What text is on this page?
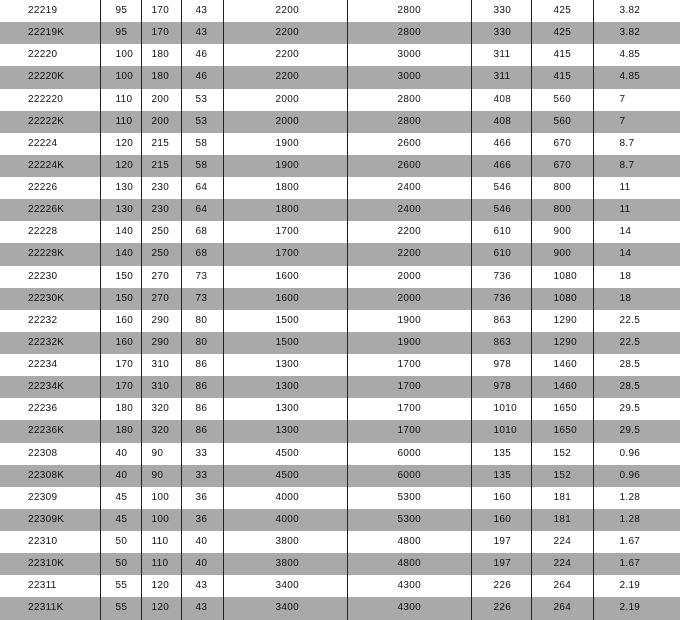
22219	95	170	43	2200	2800	330	425	3.82
22219K	95	170	43	2200	2800	330	425	3.82
22220	100	180	46	2200	3000	311	415	4.85
22220K	100	180	46	2200	3000	311	415	4.85
222220	110	200	53	2000	2800	408	560	7
22222K	110	200	53	2000	2800	408	560	7
22224	120	215	58	1900	2600	466	670	8.7
22224K	120	215	58	1900	2600	466	670	8.7
22226	130	230	64	1800	2400	546	800	11
22226K	130	230	64	1800	2400	546	800	11
22228	140	250	68	1700	2200	610	900	14
22228K	140	250	68	1700	2200	610	900	14
22230	150	270	73	1600	2000	736	1080	18
22230K	150	270	73	1600	2000	736	1080	18
22232	160	290	80	1500	1900	863	1290	22.5
22232K	160	290	80	1500	1900	863	1290	22.5
22234	170	310	86	1300	1700	978	1460	28.5
22234K	170	310	86	1300	1700	978	1460	28.5
22236	180	320	86	1300	1700	1010	1650	29.5
22236K	180	320	86	1300	1700	1010	1650	29.5
22308	40	90	33	4500	6000	135	152	0.96
22308K	40	90	33	4500	6000	135	152	0.96
22309	45	100	36	4000	5300	160	181	1.28
22309K	45	100	36	4000	5300	160	181	1.28
22310	50	110	40	3800	4800	197	224	1.67
22310K	50	110	40	3800	4800	197	224	1.67
22311	55	120	43	3400	4300	226	264	2.19
22311K	55	120	43	3400	4300	226	264	2.19
